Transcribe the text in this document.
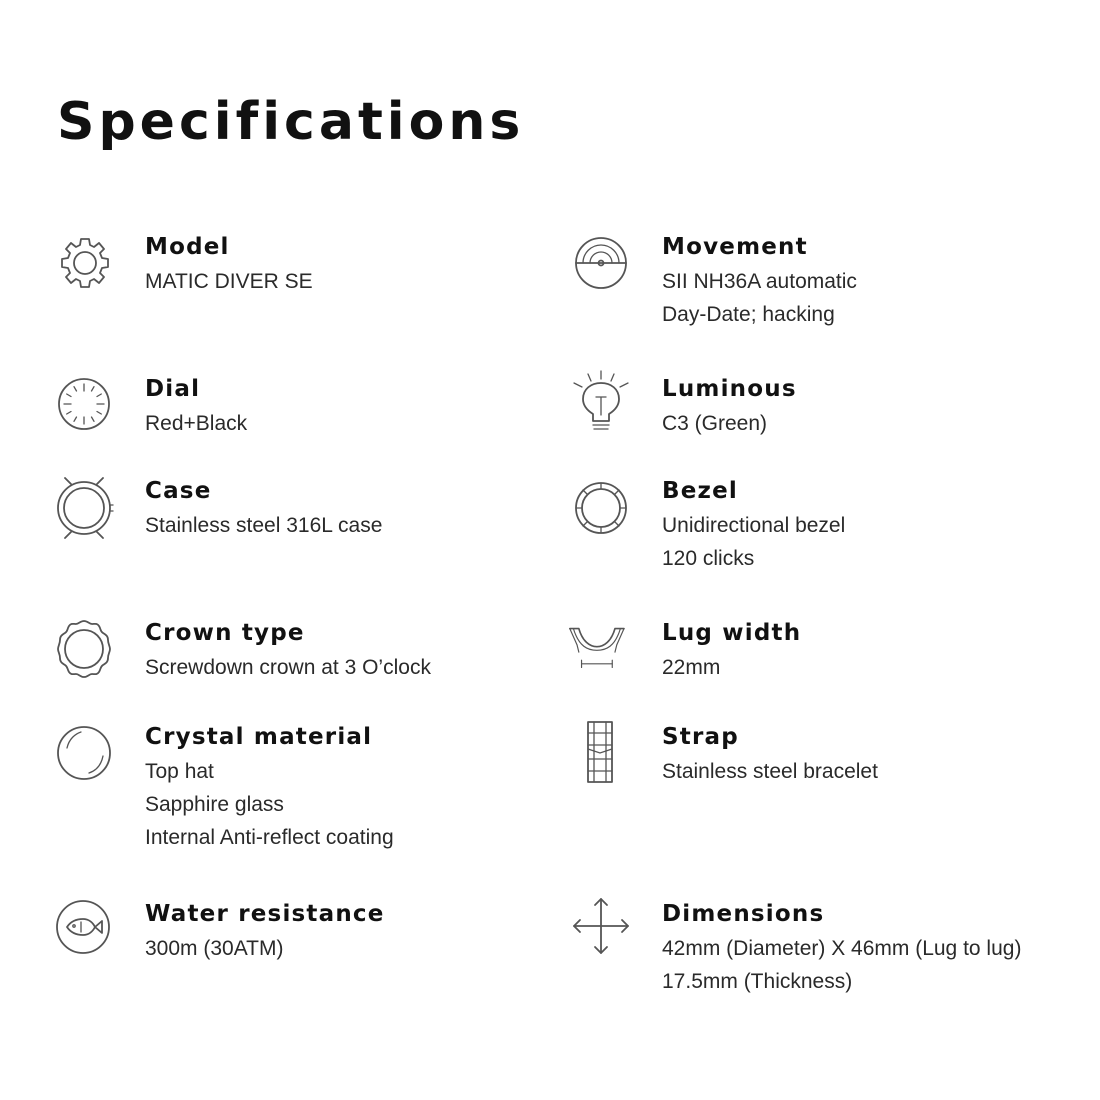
Specifications
Model
MATIC DIVER SE
Movement
SII NH36A automatic
Day-Date; hacking
Dial
Red+Black
Luminous
C3 (Green)
Case
Stainless steel 316L case
Bezel
Unidirectional bezel
120 clicks
Crown type
Screwdown crown at 3 O’clock
Lug width
22mm
Crystal material
Top hat
Sapphire glass
Internal Anti-reflect coating
Strap
Stainless steel bracelet
Water resistance
300m (30ATM)
Dimensions
42mm (Diameter) X 46mm (Lug to lug)
17.5mm (Thickness)
